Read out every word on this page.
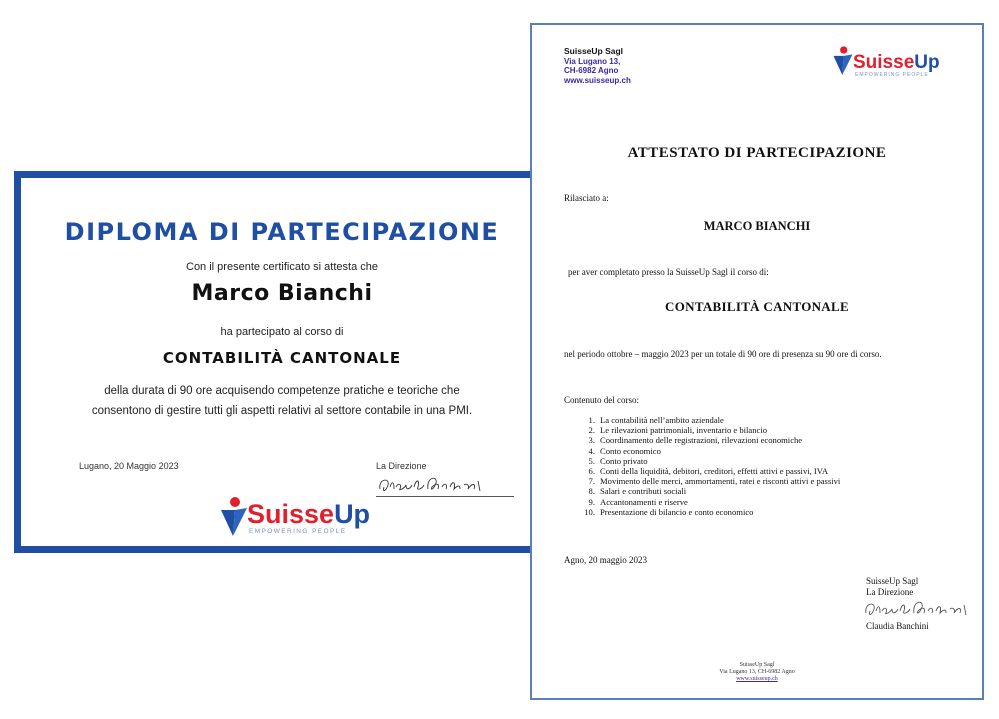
DIPLOMA DI PARTECIPAZIONE
Con il presente certificato si attesta che
Marco Bianchi
ha partecipato al corso di
CONTABILITÀ CANTONALE
della durata di 90 ore acquisendo competenze pratiche e teoriche che consentono di gestire tutti gli aspetti relativi al settore contabile in una PMI.
Lugano, 20 Maggio 2023	La Direzione
SuisseUp
EMPOWERING PEOPLE
SuisseUp Sagl
Via Lugano 13,
CH-6982 Agno
www.suisseup.ch
SuisseUp
EMPOWERING PEOPLE
ATTESTATO DI PARTECIPAZIONE
Rilasciato a:
MARCO BIANCHI
per aver completato presso la SuisseUp Sagl il corso di:
CONTABILITÀ CANTONALE
nel periodo ottobre – maggio 2023 per un totale di 90 ore di presenza su 90 ore di corso.
Contenuto del corso:
1. La contabilità nell’ambito aziendale
2. Le rilevazioni patrimoniali, inventario e bilancio
3. Coordinamento delle registrazioni, rilevazioni economiche
4. Conto economico
5. Conto privato
6. Conti della liquidità, debitori, creditori, effetti attivi e passivi, IVA
7. Movimento delle merci, ammortamenti, ratei e risconti attivi e passivi
8. Salari e contributi sociali
9. Accantonamenti e riserve
10. Presentazione di bilancio e conto economico
Agno, 20 maggio 2023
SuisseUp Sagl
La Direzione
Claudia Banchini
SuisseUp Sagl
Via Lugano 13, CH-6982 Agno
www.suisseup.ch
